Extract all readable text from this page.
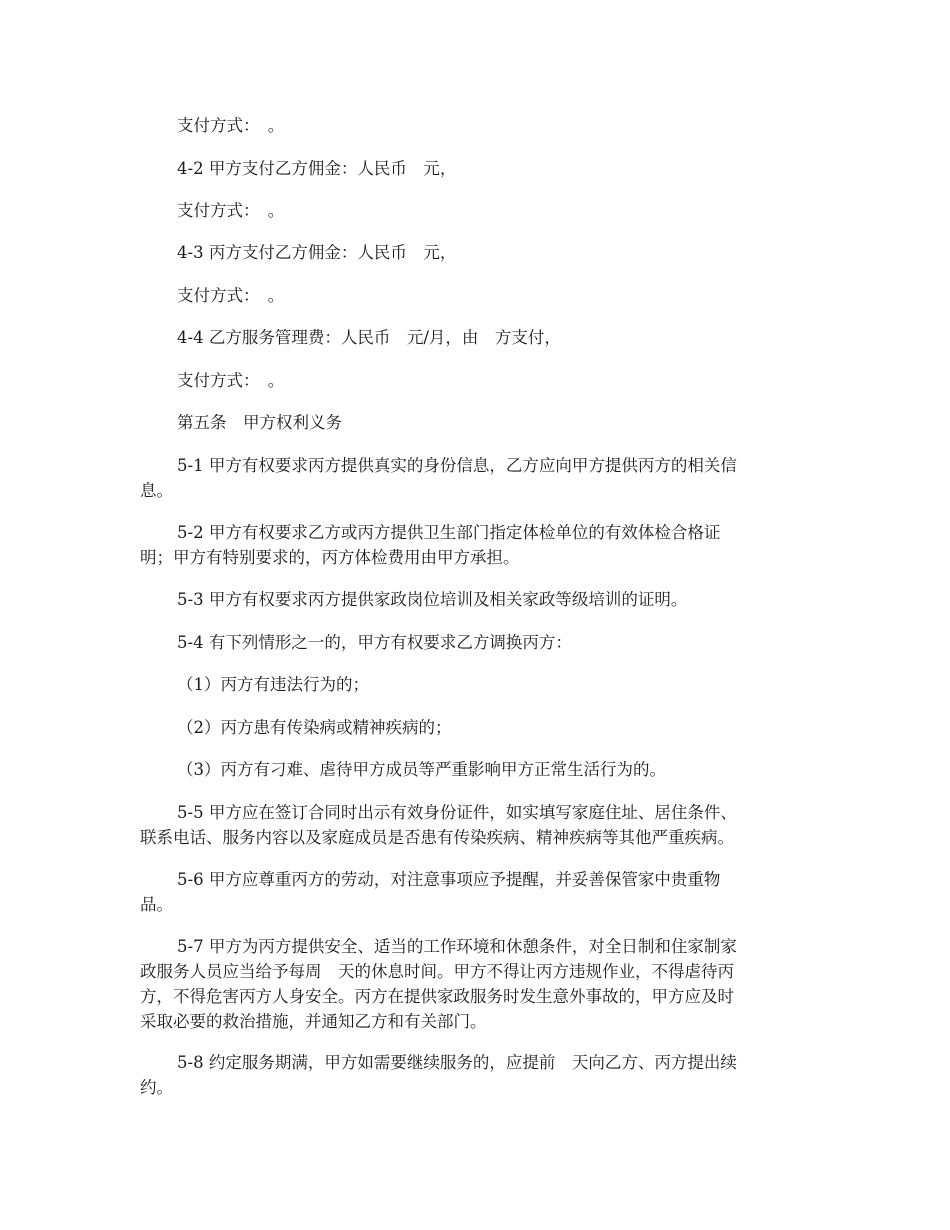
支付方式：　。

4-2 甲方支付乙方佣金：人民币　元，

支付方式：　。

4-3 丙方支付乙方佣金：人民币　元，

支付方式：　。

4-4 乙方服务管理费：人民币　元/月，由　方支付，

支付方式：　。

第五条　甲方权利义务

5-1 甲方有权要求丙方提供真实的身份信息，乙方应向甲方提供丙方的相关信
息。

5-2 甲方有权要求乙方或丙方提供卫生部门指定体检单位的有效体检合格证
明；甲方有特别要求的，丙方体检费用由甲方承担。

5-3 甲方有权要求丙方提供家政岗位培训及相关家政等级培训的证明。

5-4 有下列情形之一的，甲方有权要求乙方调换丙方：

（1）丙方有违法行为的；

（2）丙方患有传染病或精神疾病的；

（3）丙方有刁难、虐待甲方成员等严重影响甲方正常生活行为的。

5-5 甲方应在签订合同时出示有效身份证件，如实填写家庭住址、居住条件、
联系电话、服务内容以及家庭成员是否患有传染疾病、精神疾病等其他严重疾病。

5-6 甲方应尊重丙方的劳动，对注意事项应予提醒，并妥善保管家中贵重物
品。

5-7 甲方为丙方提供安全、适当的工作环境和休憩条件，对全日制和住家制家
政服务人员应当给予每周　天的休息时间。甲方不得让丙方违规作业，不得虐待丙
方，不得危害丙方人身安全。丙方在提供家政服务时发生意外事故的，甲方应及时
采取必要的救治措施，并通知乙方和有关部门。

5-8 约定服务期满，甲方如需要继续服务的，应提前　天向乙方、丙方提出续
约。
